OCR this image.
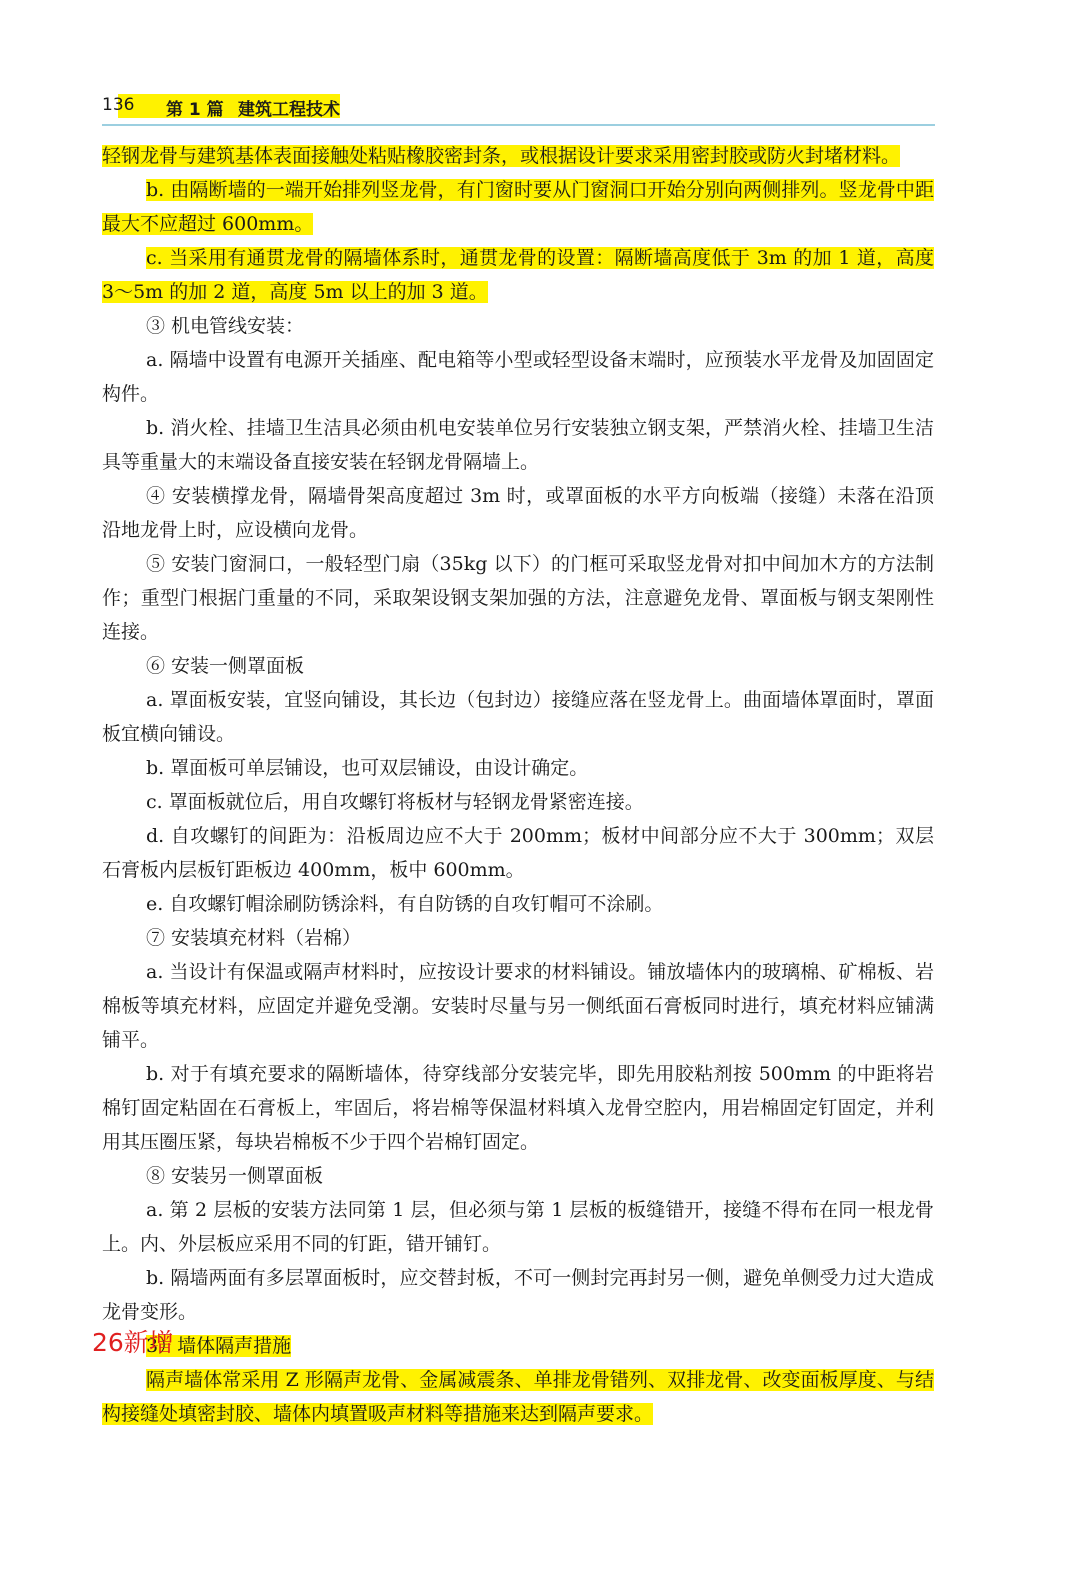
136 第 1 篇 建筑工程技术

轻钢龙骨与建筑基体表面接触处粘贴橡胶密封条，或根据设计要求采用密封胶或防火封堵材料。

b. 由隔断墙的一端开始排列竖龙骨，有门窗时要从门窗洞口开始分别向两侧排列。竖龙骨中距最大不应超过 600mm。

c. 当采用有通贯龙骨的隔墙体系时，通贯龙骨的设置：隔断墙高度低于 3m 的加 1 道，高度 3～5m 的加 2 道，高度 5m 以上的加 3 道。

③ 机电管线安装：

a. 隔墙中设置有电源开关插座、配电箱等小型或轻型设备末端时，应预装水平龙骨及加固固定构件。

b. 消火栓、挂墙卫生洁具必须由机电安装单位另行安装独立钢支架，严禁消火栓、挂墙卫生洁具等重量大的末端设备直接安装在轻钢龙骨隔墙上。

④ 安装横撑龙骨，隔墙骨架高度超过 3m 时，或罩面板的水平方向板端（接缝）未落在沿顶沿地龙骨上时，应设横向龙骨。

⑤ 安装门窗洞口，一般轻型门扇（35kg 以下）的门框可采取竖龙骨对扣中间加木方的方法制作；重型门根据门重量的不同，采取架设钢支架加强的方法，注意避免龙骨、罩面板与钢支架刚性连接。

⑥ 安装一侧罩面板

a. 罩面板安装，宜竖向铺设，其长边（包封边）接缝应落在竖龙骨上。曲面墙体罩面时，罩面板宜横向铺设。

b. 罩面板可单层铺设，也可双层铺设，由设计确定。

c. 罩面板就位后，用自攻螺钉将板材与轻钢龙骨紧密连接。

d. 自攻螺钉的间距为：沿板周边应不大于 200mm；板材中间部分应不大于 300mm；双层石膏板内层板钉距板边 400mm，板中 600mm。

e. 自攻螺钉帽涂刷防锈涂料，有自防锈的自攻钉帽可不涂刷。

⑦ 安装填充材料（岩棉）

a. 当设计有保温或隔声材料时，应按设计要求的材料铺设。铺放墙体内的玻璃棉、矿棉板、岩棉板等填充材料，应固定并避免受潮。安装时尽量与另一侧纸面石膏板同时进行，填充材料应铺满铺平。

b. 对于有填充要求的隔断墙体，待穿线部分安装完毕，即先用胶粘剂按 500mm 的中距将岩棉钉固定粘固在石膏板上，牢固后，将岩棉等保温材料填入龙骨空腔内，用岩棉固定钉固定，并利用其压圈压紧，每块岩棉板不少于四个岩棉钉固定。

⑧ 安装另一侧罩面板

a. 第 2 层板的安装方法同第 1 层，但必须与第 1 层板的板缝错开，接缝不得布在同一根龙骨上。内、外层板应采用不同的钉距，错开铺钉。

b. 隔墙两面有多层罩面板时，应交替封板，不可一侧封完再封另一侧，避免单侧受力过大造成龙骨变形。

26新增
3）墙体隔声措施

隔声墙体常采用 Z 形隔声龙骨、金属减震条、单排龙骨错列、双排龙骨、改变面板厚度、与结构接缝处填密封胶、墙体内填置吸声材料等措施来达到隔声要求。
